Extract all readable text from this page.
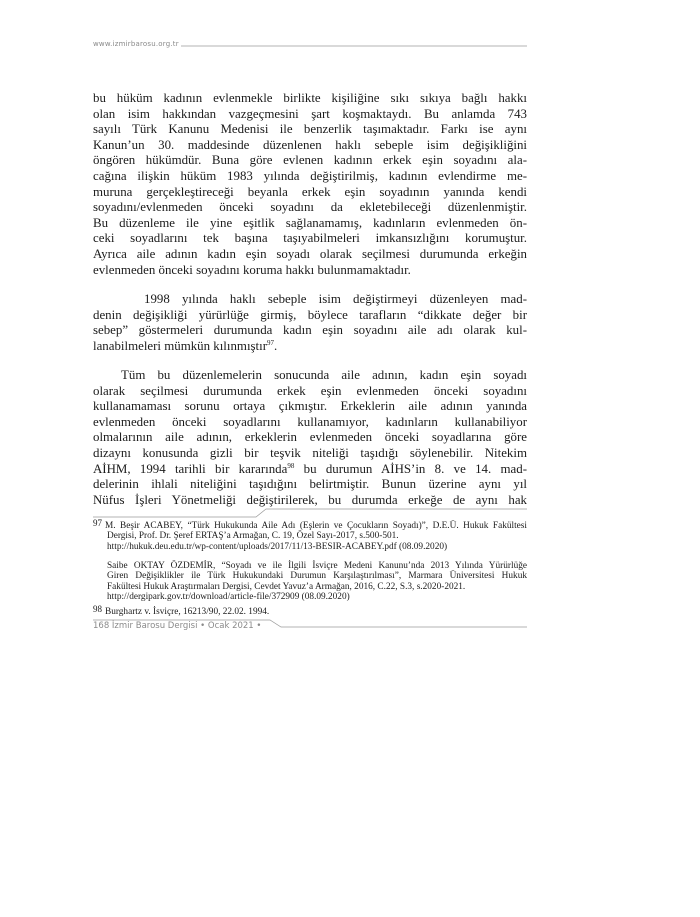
www.izmirbarosu.org.tr
bu hüküm kadının evlenmekle birlikte kişiliğine sıkı sıkıya bağlı hakkı
olan isim hakkından vazgeçmesini şart koşmaktaydı. Bu anlamda 743
sayılı Türk Kanunu Medenisi ile benzerlik taşımaktadır. Farkı ise aynı
Kanun’un 30. maddesinde düzenlenen haklı sebeple isim değişikliğini
öngören hükümdür. Buna göre evlenen kadının erkek eşin soyadını ala-
cağına ilişkin hüküm 1983 yılında değiştirilmiş, kadının evlendirme me-
muruna gerçekleştireceği beyanla erkek eşin soyadının yanında kendi
soyadını/evlenmeden önceki soyadını da ekletebileceği düzenlenmiştir.
Bu düzenleme ile yine eşitlik sağlanamamış, kadınların evlenmeden ön-
ceki soyadlarını tek başına taşıyabilmeleri imkansızlığını korumuştur.
Ayrıca aile adının kadın eşin soyadı olarak seçilmesi durumunda erkeğin
evlenmeden önceki soyadını koruma hakkı bulunmamaktadır.
1998 yılında haklı sebeple isim değiştirmeyi düzenleyen mad-
denin değişikliği yürürlüğe girmiş, böylece tarafların “dikkate değer bir
sebep” göstermeleri durumunda kadın eşin soyadını aile adı olarak kul-
lanabilmeleri mümkün kılınmıştır$^{97}$.
Tüm bu düzenlemelerin sonucunda aile adının, kadın eşin soyadı
olarak seçilmesi durumunda erkek eşin evlenmeden önceki soyadını
kullanamaması sorunu ortaya çıkmıştır. Erkeklerin aile adının yanında
evlenmeden önceki soyadlarını kullanamıyor, kadınların kullanabiliyor
olmalarının aile adının, erkeklerin evlenmeden önceki soyadlarına göre
dizaynı konusunda gizli bir teşvik niteliği taşıdığı söylenebilir. Nitekim
AİHM, 1994 tarihli bir kararında$^{98}$ bu durumun AİHS’in 8. ve 14. mad-
delerinin ihlali niteliğini taşıdığını belirtmiştir. Bunun üzerine aynı yıl
Nüfus İşleri Yönetmeliği değiştirilerek, bu durumda erkeğe de aynı hak
97 M. Beşir ACABEY, “Türk Hukukunda Aile Adı (Eşlerin ve Çocukların Soyadı)”, D.E.Ü. Hukuk Fakültesi
Dergisi, Prof. Dr. Şeref ERTAŞ’a Armağan, C. 19, Özel Sayı-2017, s.500-501.
http://hukuk.deu.edu.tr/wp-content/uploads/2017/11/13-BESIR-ACABEY.pdf (08.09.2020)
Saibe OKTAY ÖZDEMİR, “Soyadı ve ile İlgili İsviçre Medeni Kanunu’nda 2013 Yılında Yürürlüğe
Giren Değişiklikler ile Türk Hukukundaki Durumun Karşılaştırılması”, Marmara Üniversitesi Hukuk
Fakültesi Hukuk Araştırmaları Dergisi, Cevdet Yavuz’a Armağan, 2016, C.22, S.3, s.2020-2021.
http://dergipark.gov.tr/download/article-file/372909 (08.09.2020)
98 Burghartz v. İsviçre, 16213/90, 22.02. 1994.
168 İzmir Barosu Dergisi • Ocak 2021 •
